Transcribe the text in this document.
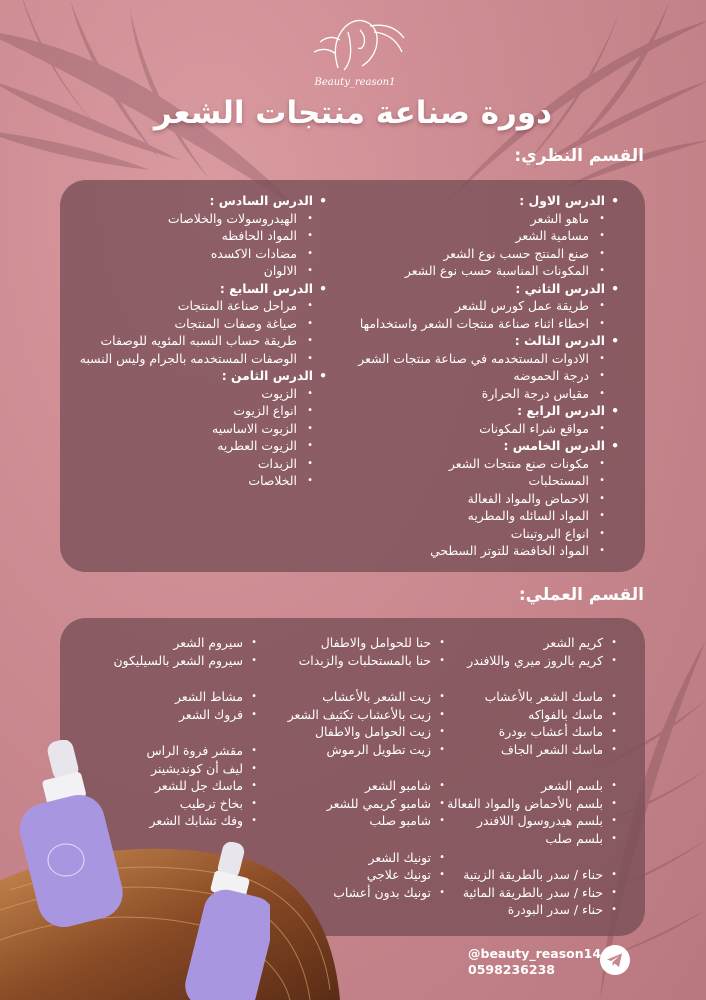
Beauty_reason1
دورة صناعة منتجات الشعر
القسم النظري:
• الدرس الاول :
• ماهو الشعر
• مسامية الشعر
• صنع المنتج حسب نوع الشعر
• المكونات المناسبة حسب نوع الشعر
• الدرس الثاني :
• طريقة عمل كورس للشعر
• اخطاء اثناء صناعة منتجات الشعر واستخدامها
• الدرس الثالث :
• الادوات المستخدمه في صناعة منتجات الشعر
• درجة الحموضه
• مقياس درجة الحرارة
• الدرس الرابع :
• مواقع شراء المكونات
• الدرس الخامس :
• مكونات صنع منتجات الشعر
• المستحلبات
• الاحماض والمواد الفعالة
• المواد السائله والمطريه
• انواع البروتينات
• المواد الخافضة للتوتر السطحي
• الدرس السادس :
• الهيدروسولات والخلاصات
• المواد الحافظه
• مضادات الاكسده
• الالوان
• الدرس السابع :
• مراحل صناعة المنتجات
• صياغة وصفات المنتجات
• طريقة حساب النسبه المئويه للوصفات
• الوصفات المستخدمه بالجرام وليس النسبه
• الدرس الثامن :
• الزيوت
• انواع الزيوت
• الزيوت الاساسيه
• الزيوت العطريه
• الزبدات
• الخلاصات
القسم العملي:
• كريم الشعر
• كريم بالروز ميري واللافندر
• ماسك الشعر بالأعشاب
• ماسك بالفواكه
• ماسك أعشاب بودرة
• ماسك الشعر الجاف
• بلسم الشعر
• بلسم بالأحماض والمواد الفعالة
• بلسم هيدروسول اللافندر
• بلسم صلب
• حناء / سدر بالطريقة الزيتية
• حناء / سدر بالطريقة المائية
• حناء / سدر البودرة
• حنا للحوامل والاطفال
• حنا بالمستحلبات والزبدات
• زيت الشعر بالأعشاب
• زيت بالأعشاب تكثيف الشعر
• زيت الحوامل والاطفال
• زيت تطويل الرموش
• شامبو الشعر
• شامبو كريمي للشعر
• شامبو صلب
• تونيك الشعر
• تونيك علاجي
• تونيك بدون أعشاب
• سيروم الشعر
• سيروم الشعر بالسيليكون
• مشاط الشعر
• فروك الشعر
• مقشر فروة الراس
• ليف أن كونديشينر
• ماسك جل للشعر
• بخاخ ترطيب
• وفك تشابك الشعر
@beauty_reason14
0598236238
